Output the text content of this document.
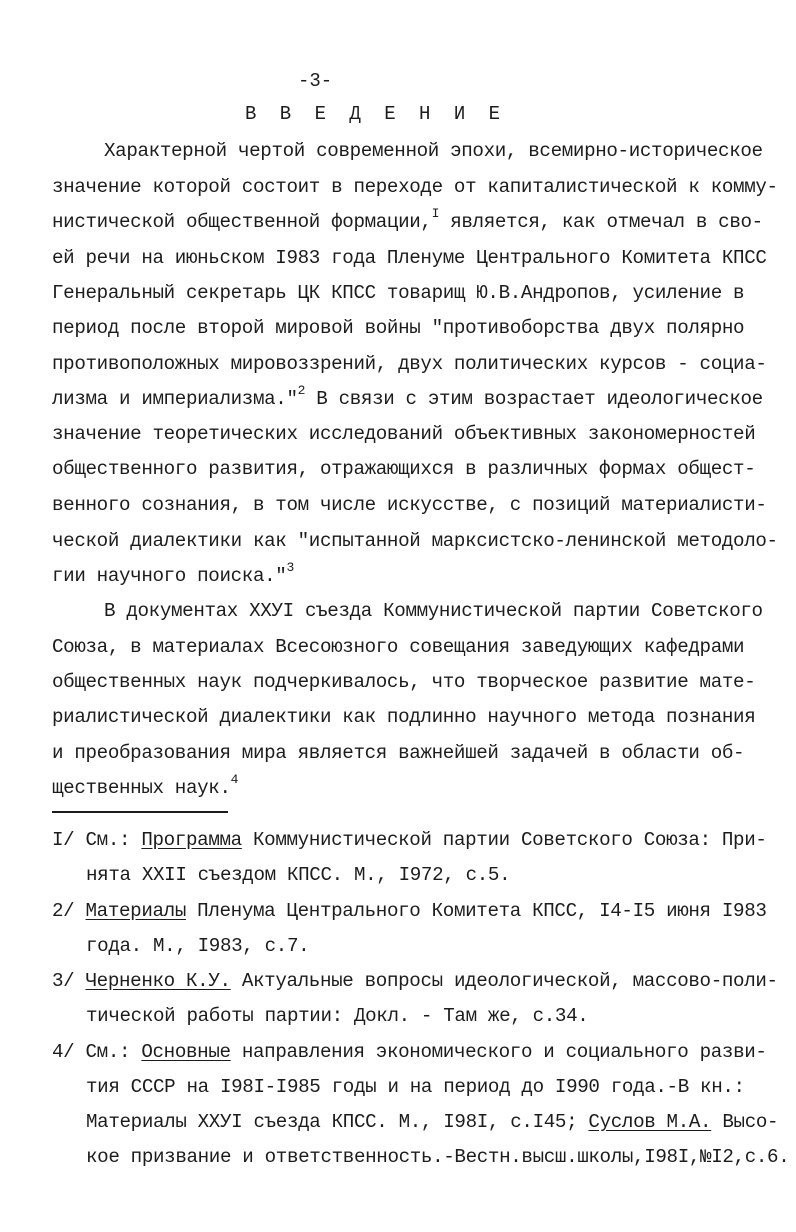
-3-
В В Е Д Е Н И Е
Характерной чертой современной эпохи, всемирно-историческое
значение которой состоит в переходе от капиталистической к комму-
нистической общественной формации,$^I$ является, как отмечал в сво-
ей речи на июньском I983 года Пленуме Центрального Комитета КПСС
Генеральный секретарь ЦК КПСС товарищ Ю.В.Андропов, усиление в
период после второй мировой войны "противоборства двух полярно
противоположных мировоззрений, двух политических курсов - социа-
лизма и империализма."$^2$ В связи с этим возрастает идеологическое
значение теоретических исследований объективных закономерностей
общественного развития, отражающихся в различных формах общест-
венного сознания, в том числе искусстве, с позиций материалисти-
ческой диалектики как "испытанной марксистско-ленинской методоло-
гии научного поиска."$^3$
В документах ХХУI съезда Коммунистической партии Советского
Союза, в материалах Всесоюзного совещания заведующих кафедрами
общественных наук подчеркивалось, что творческое развитие мате-
риалистической диалектики как подлинно научного метода познания
и преобразования мира является важнейшей задачей в области об-
щественных наук.$^4$
I/ См.: Программа Коммунистической партии Советского Союза: При-
нята ХХII съездом КПСС. М., I972, с.5.
2/ Материалы Пленума Центрального Комитета КПСС, I4-I5 июня I983
года. М., I983, с.7.
3/ Черненко К.У. Актуальные вопросы идеологической, массово-поли-
тической работы партии: Докл. - Там же, с.34.
4/ См.: Основные направления экономического и социального разви-
тия СССР на I98I-I985 годы и на период до I990 года.-В кн.:
Материалы ХХУI съезда КПСС. М., I98I, с.I45; Суслов М.А. Высо-
кое призвание и ответственность.-Вестн.высш.школы,I98I,№I2,с.6.
